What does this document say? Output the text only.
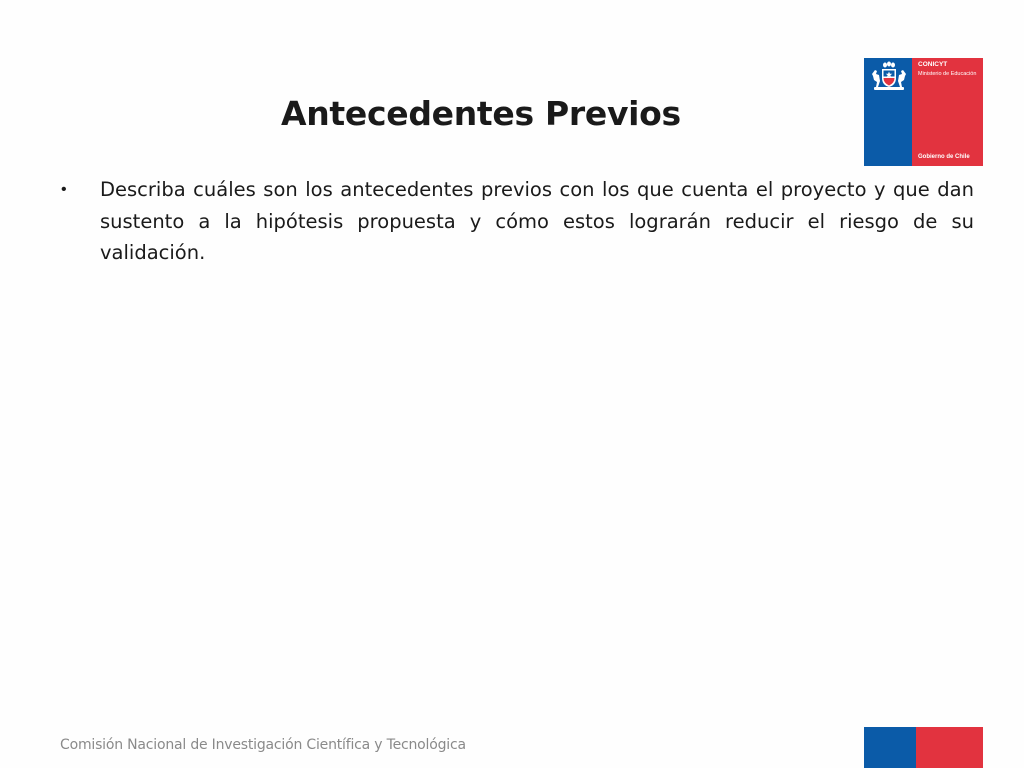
Antecedentes Previos
•	Describa cuáles son los antecedentes previos con los que cuenta el proyecto y que dan sustento a la hipótesis propuesta y cómo estos lograrán reducir el riesgo de su validación.

CONICYT
Ministerio de Educación
Gobierno de Chile
Comisión Nacional de Investigación Científica y Tecnológica
